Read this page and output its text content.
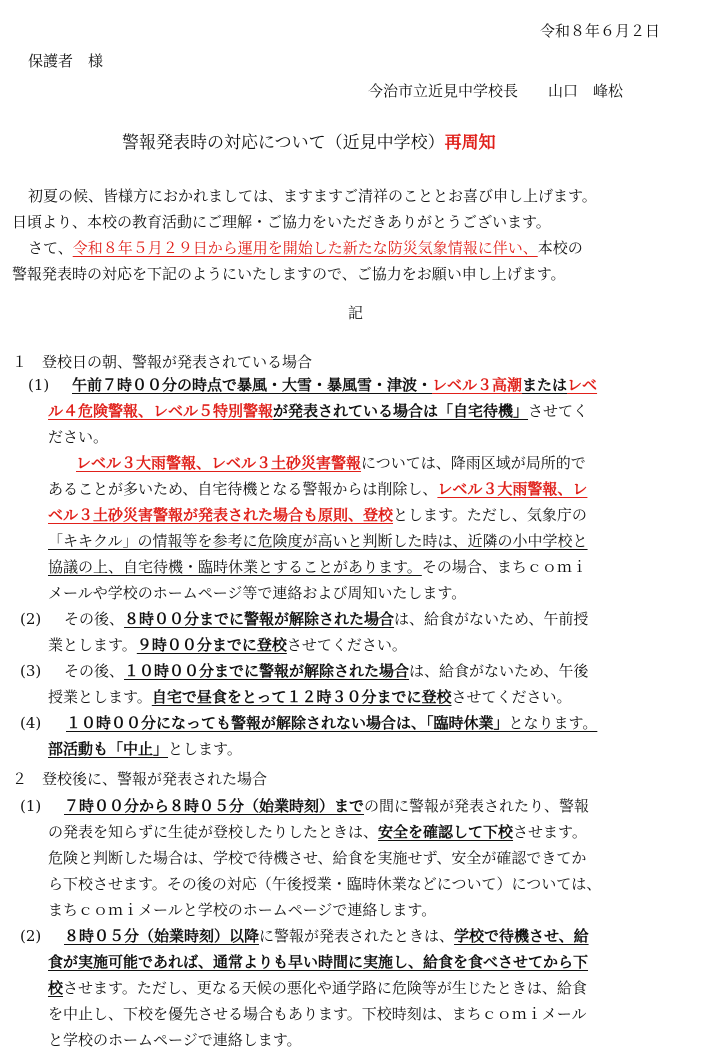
令和８年６月２日
保護者　様
今治市立近見中学校長　　山口　峰松
警報発表時の対応について（近見中学校）再周知
初夏の候、皆様方におかれましては、ますますご清祥のこととお喜び申し上げます。
日頃より、本校の教育活動にご理解・ご協力をいただきありがとうございます。
さて、令和８年５月２９日から運用を開始した新たな防災気象情報に伴い、本校の
警報発表時の対応を下記のようにいたしますので、ご協力をお願い申し上げます。
記
１　登校日の朝、警報が発表されている場合
(1) 午前７時００分の時点で暴風・大雪・暴風雪・津波・レベル３高潮またはレベ
ル４危険警報、レベル５特別警報が発表されている場合は「自宅待機」させてく
ださい。
レベル３大雨警報、レベル３土砂災害警報については、降雨区域が局所的で
あることが多いため、自宅待機となる警報からは削除し、レベル３大雨警報、レ
ベル３土砂災害警報が発表された場合も原則、登校とします。ただし、気象庁の
「キキクル」の情報等を参考に危険度が高いと判断した時は、近隣の小中学校と
協議の上、自宅待機・臨時休業とすることがあります。その場合、まちｃｏｍｉ
メールや学校のホームページ等で連絡および周知いたします。
(2) その後、８時００分までに警報が解除された場合は、給食がないため、午前授
業とします。９時００分までに登校させてください。
(3) その後、１０時００分までに警報が解除された場合は、給食がないため、午後
授業とします。自宅で昼食をとって１２時３０分までに登校させてください。
(4) １０時００分になっても警報が解除されない場合は、「臨時休業」となります。
部活動も「中止」とします。
２　登校後に、警報が発表された場合
(1) ７時００分から８時０５分（始業時刻）までの間に警報が発表されたり、警報
の発表を知らずに生徒が登校したりしたときは、安全を確認して下校させます。
危険と判断した場合は、学校で待機させ、給食を実施せず、安全が確認できてか
ら下校させます。その後の対応（午後授業・臨時休業などについて）については、
まちｃｏｍｉメールと学校のホームページで連絡します。
(2) ８時０５分（始業時刻）以降に警報が発表されたときは、学校で待機させ、給
食が実施可能であれば、通常よりも早い時間に実施し、給食を食べさせてから下
校させます。ただし、更なる天候の悪化や通学路に危険等が生じたときは、給食
を中止し、下校を優先させる場合もあります。下校時刻は、まちｃｏｍｉメール
と学校のホームページで連絡します。
